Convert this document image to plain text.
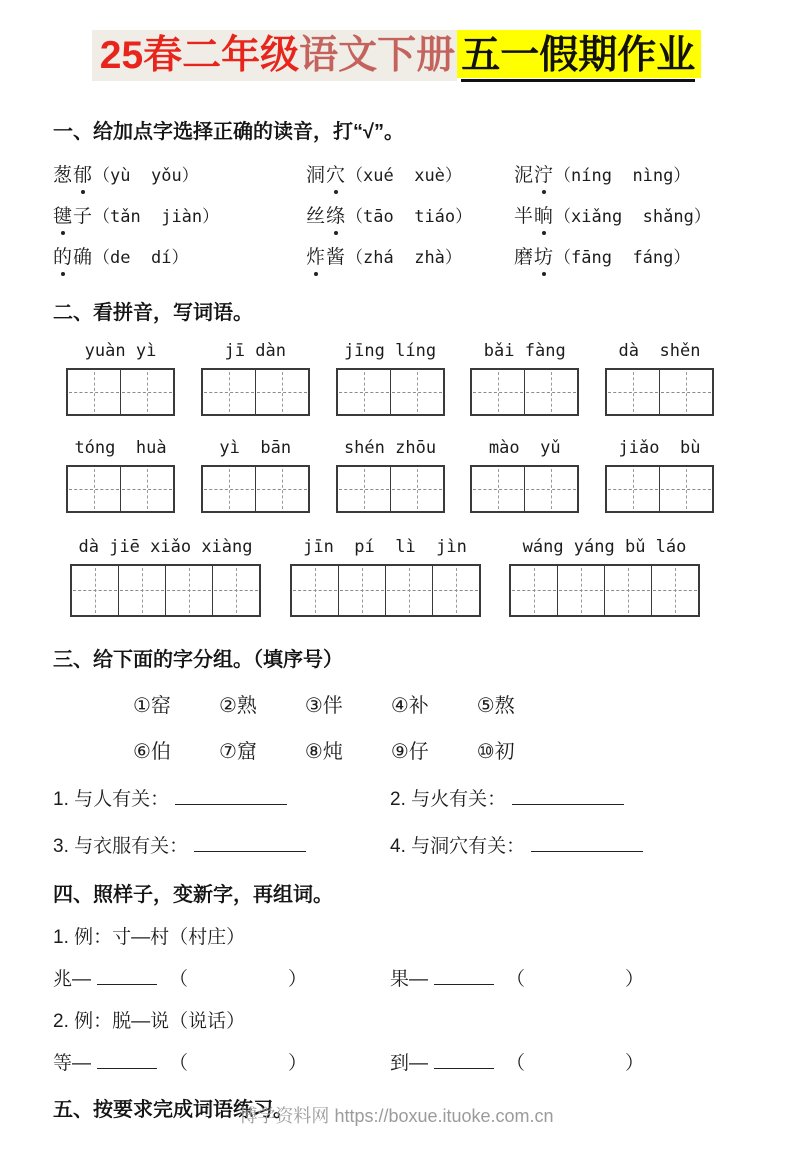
25春二年级语文下册 五一假期作业
一、给加点字选择正确的读音，打“√”。
葱郁（yù  yǒu）	洞穴（xué  xuè）	泥泞（níng  nìng）
毽子（tǎn  jiàn）	丝绦（tāo  tiáo）	半晌（xiǎng  shǎng）
的确（de  dí）	炸酱（zhá  zhà）	磨坊（fāng  fáng）
二、看拼音，写词语。
yuàn yì	jī dàn	jīng líng	bǎi fàng	dà  shěn
tóng  huà	yì  bān	shén zhōu	mào  yǔ	jiǎo  bù
dà jiē xiǎo xiàng	jīn  pí  lì  jìn	wáng yáng bǔ láo
三、给下面的字分组。（填序号）
①窑 ②熟 ③伴 ④补 ⑤熬
⑥伯 ⑦窟 ⑧炖 ⑨仔 ⑩初
1. 与人有关：	2. 与火有关：
3. 与衣服有关：	4. 与洞穴有关：
四、照样子，变新字，再组词。
1. 例：寸—村（村庄）
兆—	（	）	果—	（	）
2. 例：脱—说（说话）
等—	（	）	到—	（	）
五、按要求完成词语练习。
博学资料网 https://boxue.ituoke.com.cn
